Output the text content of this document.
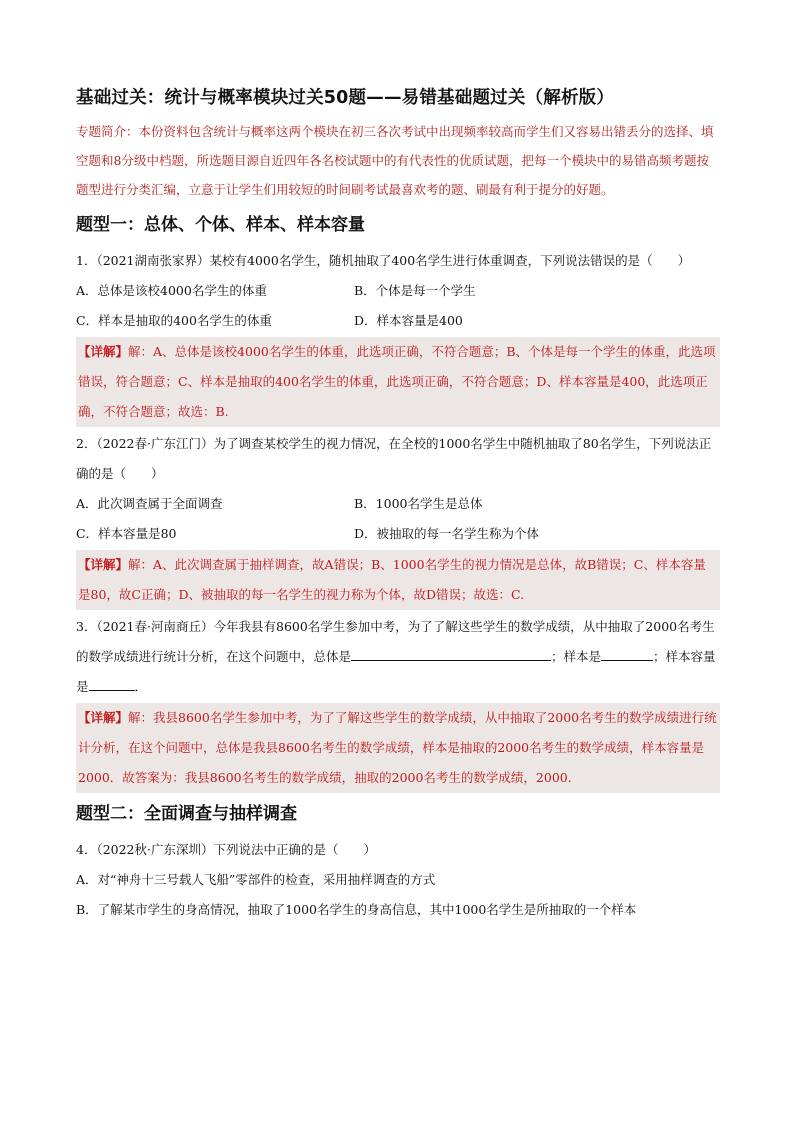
基础过关：统计与概率模块过关50题——易错基础题过关（解析版）

专题简介：本份资料包含统计与概率这两个模块在初三各次考试中出现频率较高而学生们又容易出错丢分的选择、填空题和8分级中档题，所选题目源自近四年各名校试题中的有代表性的优质试题，把每一个模块中的易错高频考题按题型进行分类汇编，立意于让学生们用较短的时间刷考试最喜欢考的题、刷最有利于提分的好题。

题型一：总体、个体、样本、样本容量

1．（2021湖南张家界）某校有4000名学生，随机抽取了400名学生进行体重调查，下列说法错误的是（　　）

A．总体是该校4000名学生的体重	B．个体是每一个学生
C．样本是抽取的400名学生的体重	D．样本容量是400
【详解】解：A、总体是该校4000名学生的体重，此选项正确，不符合题意；B、个体是每一个学生的体重，此选项错误，符合题意；C、样本是抽取的400名学生的体重，此选项正确，不符合题意；D、样本容量是400，此选项正确，不符合题意；故选：B.

2．（2022春·广东江门）为了调查某校学生的视力情况，在全校的1000名学生中随机抽取了80名学生，下列说法正确的是（　　）

A．此次调查属于全面调查	B．1000名学生是总体
C．样本容量是80	D．被抽取的每一名学生称为个体
【详解】解：A、此次调查属于抽样调查，故A错误；B、1000名学生的视力情况是总体，故B错误；C、样本容量是80，故C正确；D、被抽取的每一名学生的视力称为个体，故D错误；故选：C.

3．（2021春·河南商丘）今年我县有8600名学生参加中考，为了了解这些学生的数学成绩，从中抽取了2000名考生的数学成绩进行统计分析，在这个问题中，总体是	；样本是	；样本容量是	．

【详解】解：我县8600名学生参加中考，为了了解这些学生的数学成绩，从中抽取了2000名考生的数学成绩进行统计分析，在这个问题中，总体是我县8600名考生的数学成绩，样本是抽取的2000名考生的数学成绩，样本容量是2000．故答案为：我县8600名考生的数学成绩，抽取的2000名考生的数学成绩，2000．
题型二：全面调查与抽样调查

4．（2022秋·广东深圳）下列说法中正确的是（　　）

A．对“神舟十三号载人飞船”零部件的检查，采用抽样调查的方式

B．了解某市学生的身高情况，抽取了1000名学生的身高信息，其中1000名学生是所抽取的一个样本
